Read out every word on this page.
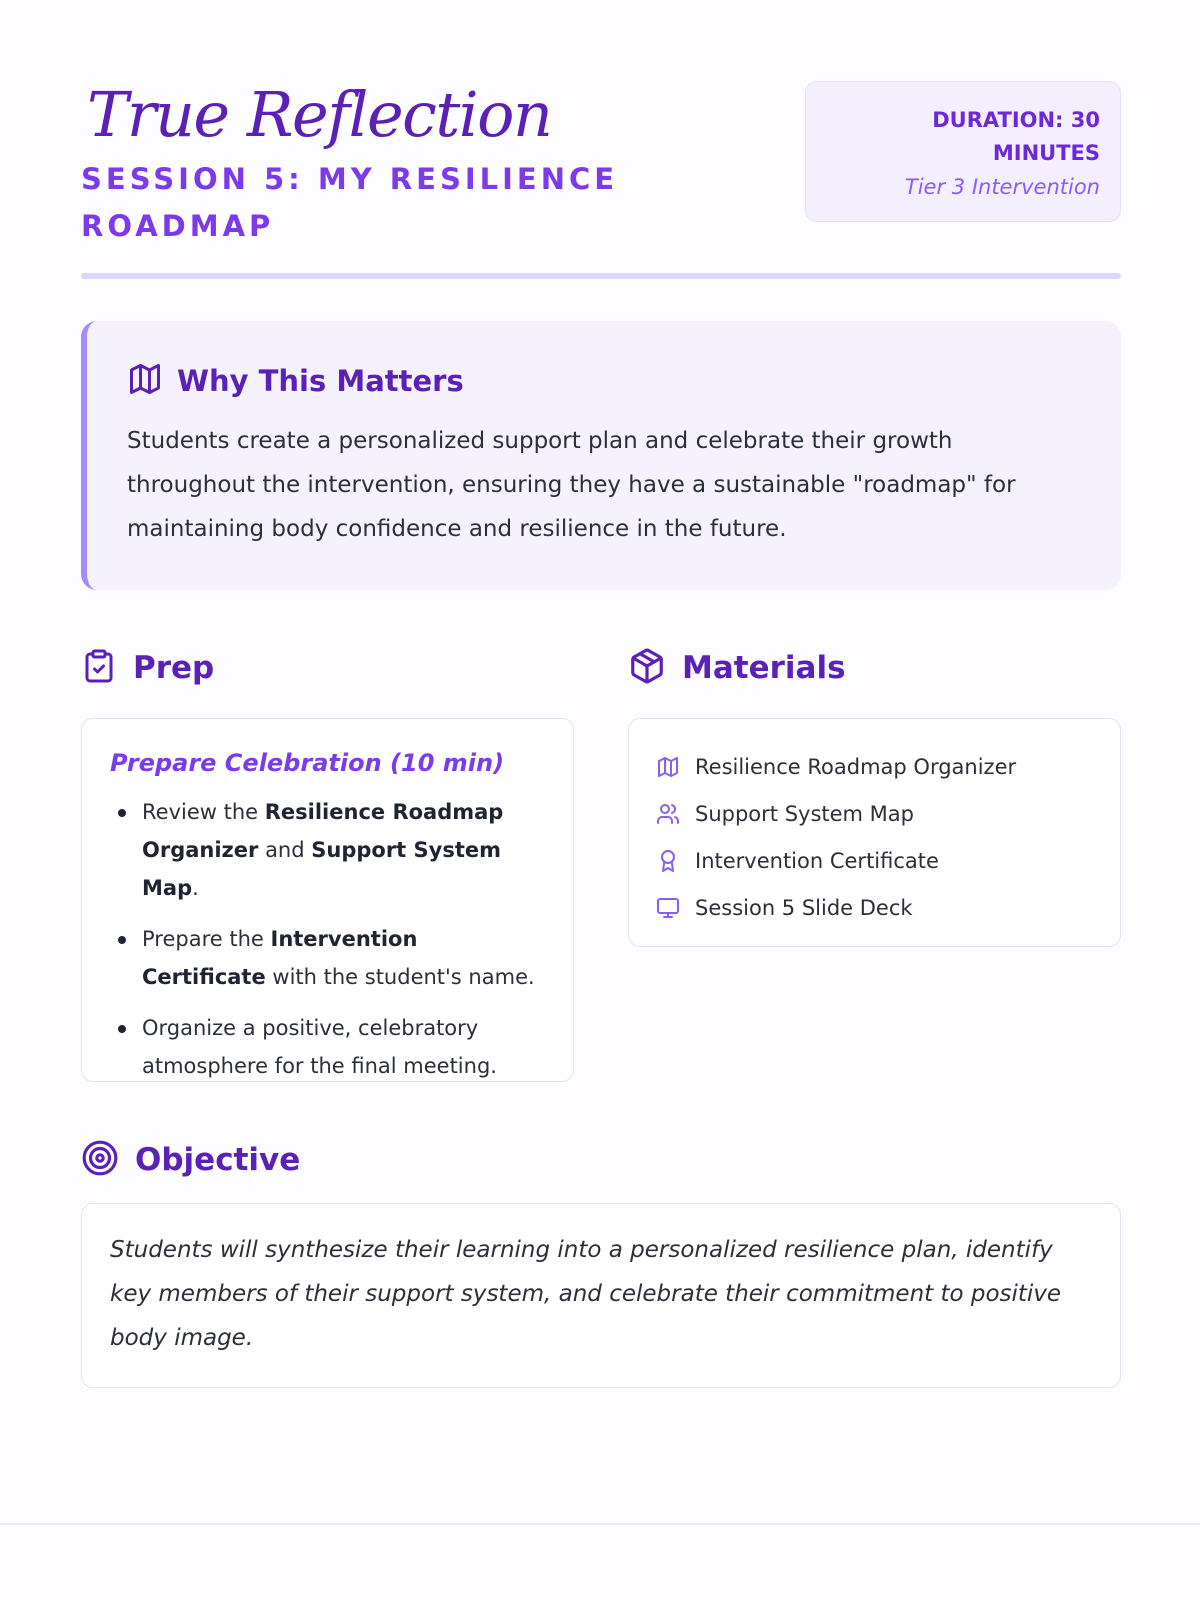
True Reflection
SESSION 5: MY RESILIENCE ROADMAP
DURATION: 30 MINUTES
Tier 3 Intervention
Why This Matters
Students create a personalized support plan and celebrate their growth throughout the intervention, ensuring they have a sustainable "roadmap" for maintaining body confidence and resilience in the future.
Prep	Materials
Prepare Celebration (10 min)
Review the Resilience Roadmap Organizer and Support System Map.
Prepare the Intervention Certificate with the student's name.
Organize a positive, celebratory atmosphere for the final meeting.
Resilience Roadmap Organizer
Support System Map
Intervention Certificate
Session 5 Slide Deck
Objective
Students will synthesize their learning into a personalized resilience plan, identify key members of their support system, and celebrate their commitment to positive body image.
